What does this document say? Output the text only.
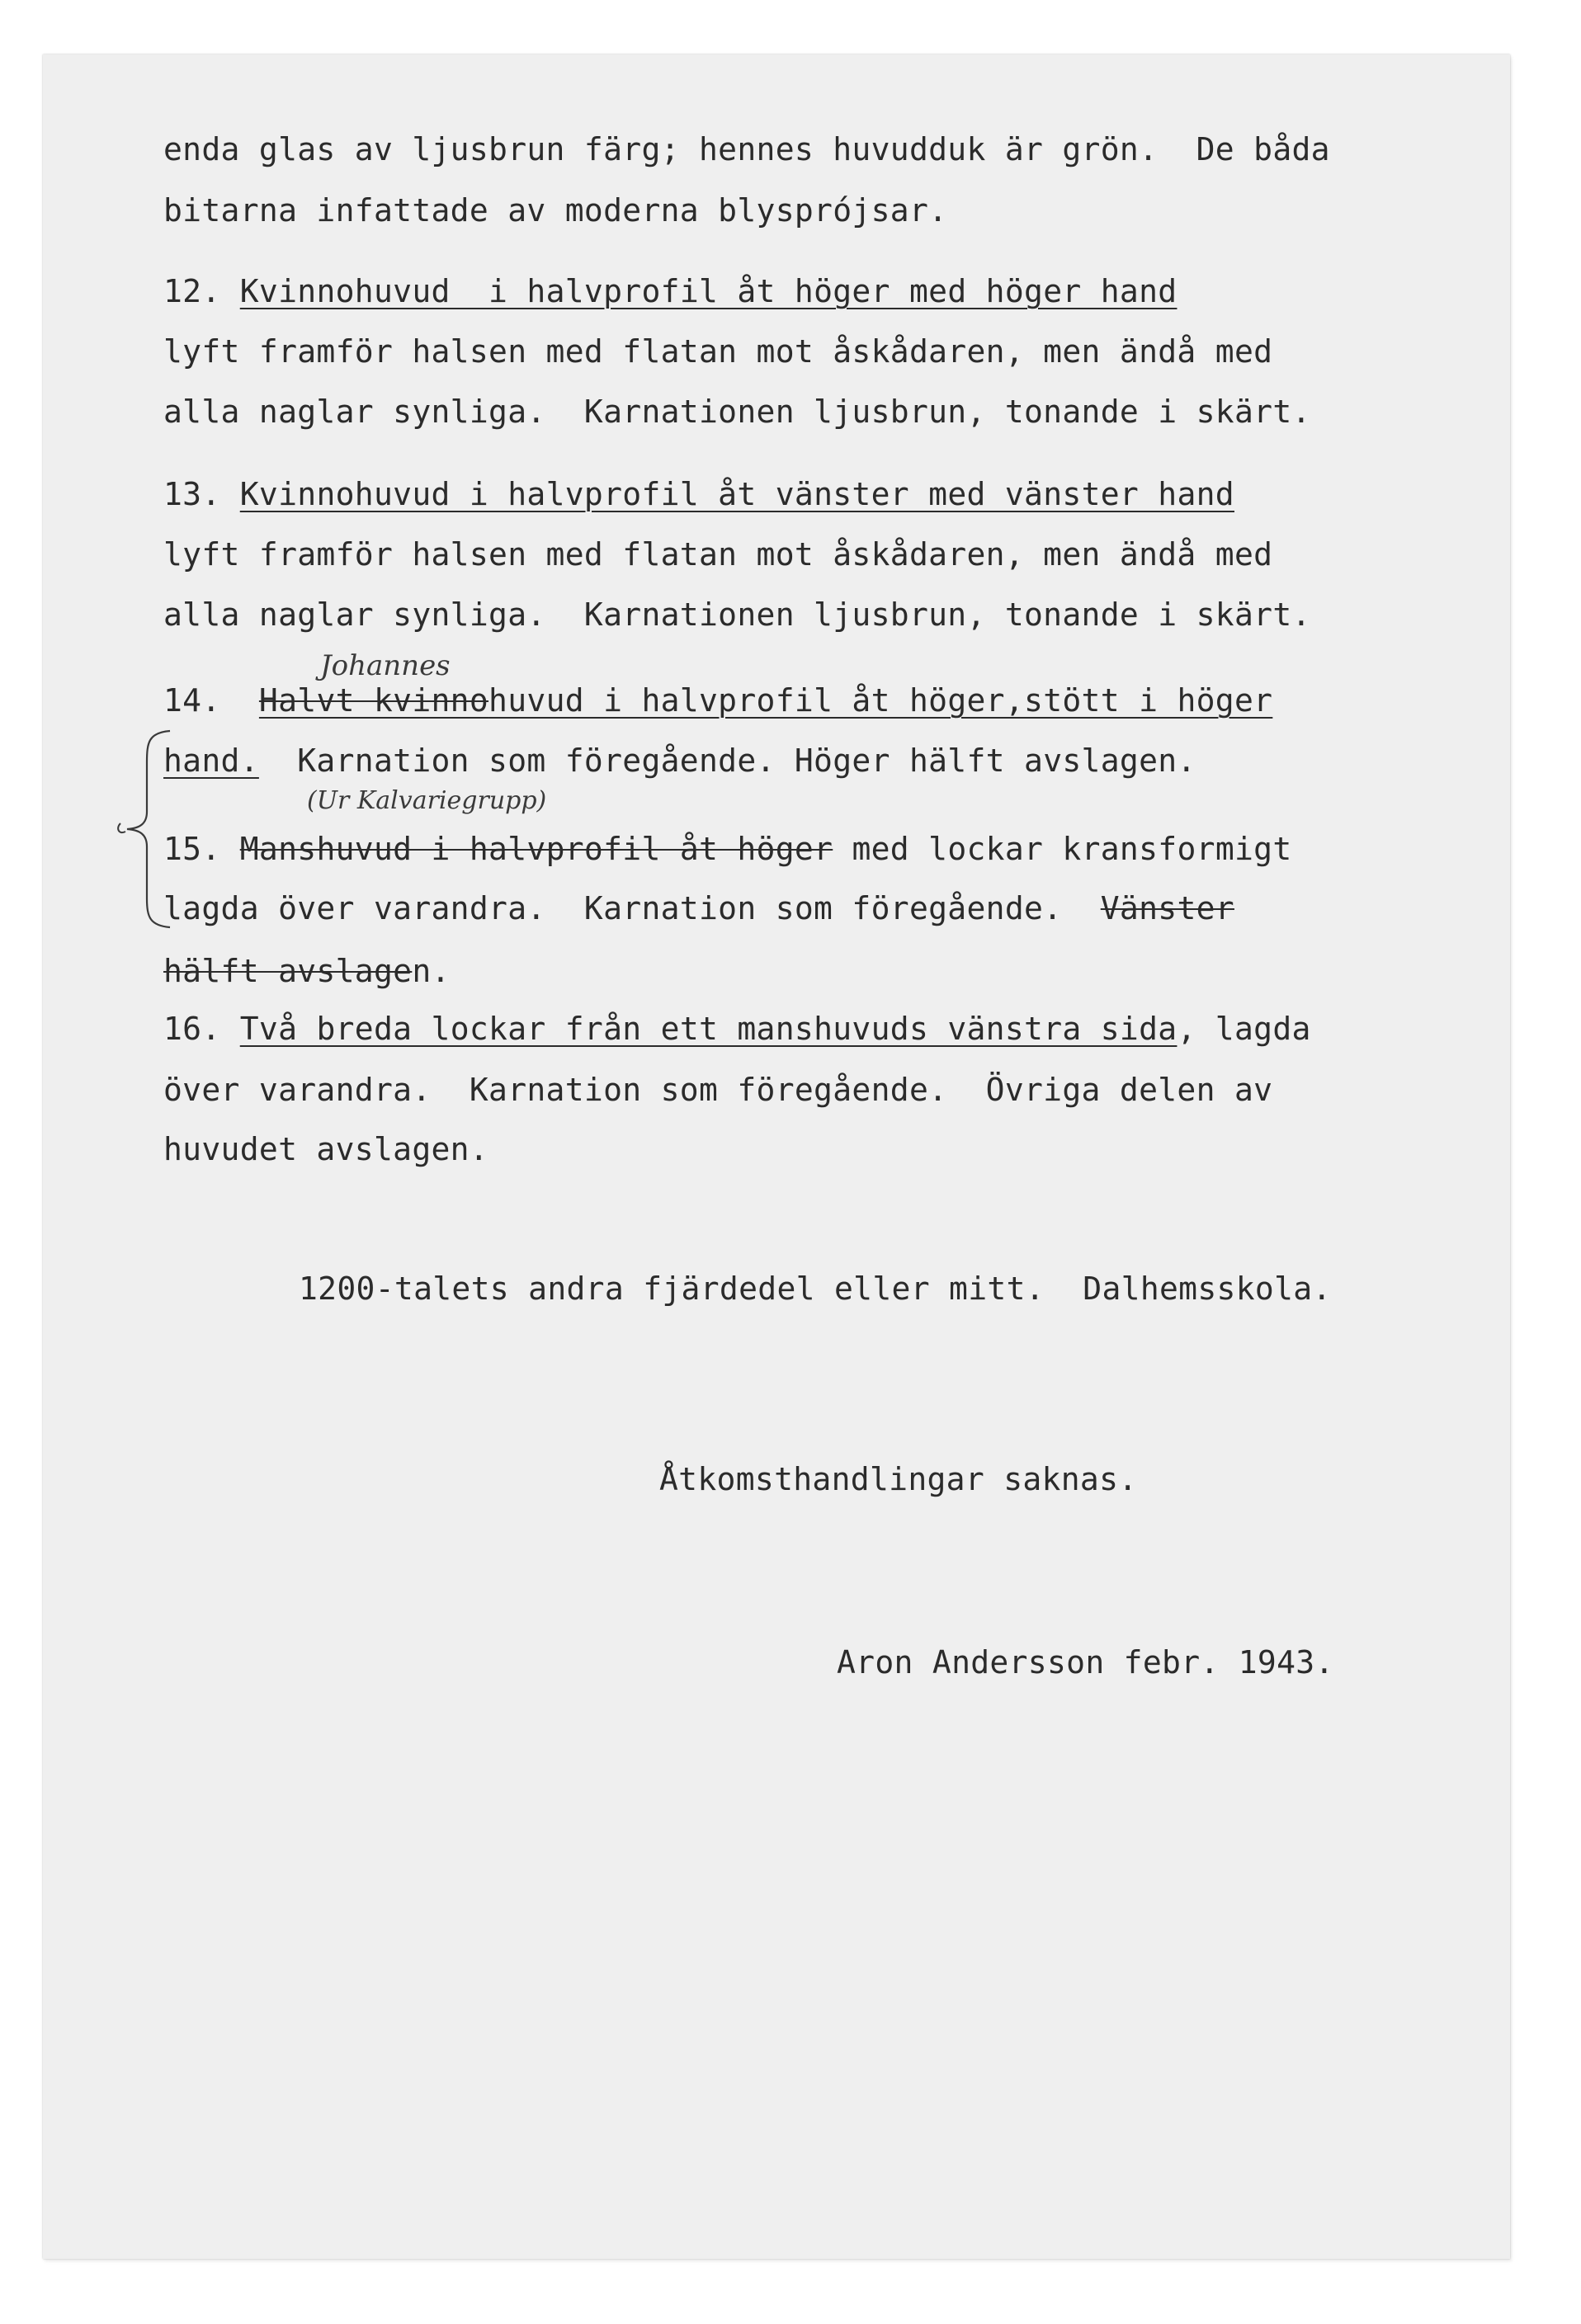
enda glas av ljusbrun färg; hennes huvudduk är grön.  De båda
bitarna infattade av moderna blysprójsar.
12. Kvinnohuvud  i halvprofil åt höger med höger hand
lyft framför halsen med flatan mot åskådaren, men ändå med
alla naglar synliga.  Karnationen ljusbrun, tonande i skärt.
13. Kvinnohuvud i halvprofil åt vänster med vänster hand
lyft framför halsen med flatan mot åskådaren, men ändå med
alla naglar synliga.  Karnationen ljusbrun, tonande i skärt.
Johannes
14. Halvt kvinnohuvud i halvprofil åt höger,stött i höger
hand. Karnation som föregående. Höger hälft avslagen.
(Ur Kalvariegrupp)
15. Manshuvud i halvprofil åt höger med lockar kransformigt
lagda över varandra.  Karnation som föregående. Vänster
hälft avslagen.
16. Två breda lockar från ett manshuvuds vänstra sida, lagda
över varandra.  Karnation som föregående.  Övriga delen av
huvudet avslagen.
1200-talets andra fjärdedel eller mitt.  Dalhemsskola.
Åtkomsthandlingar saknas.
Aron Andersson febr. 1943.
